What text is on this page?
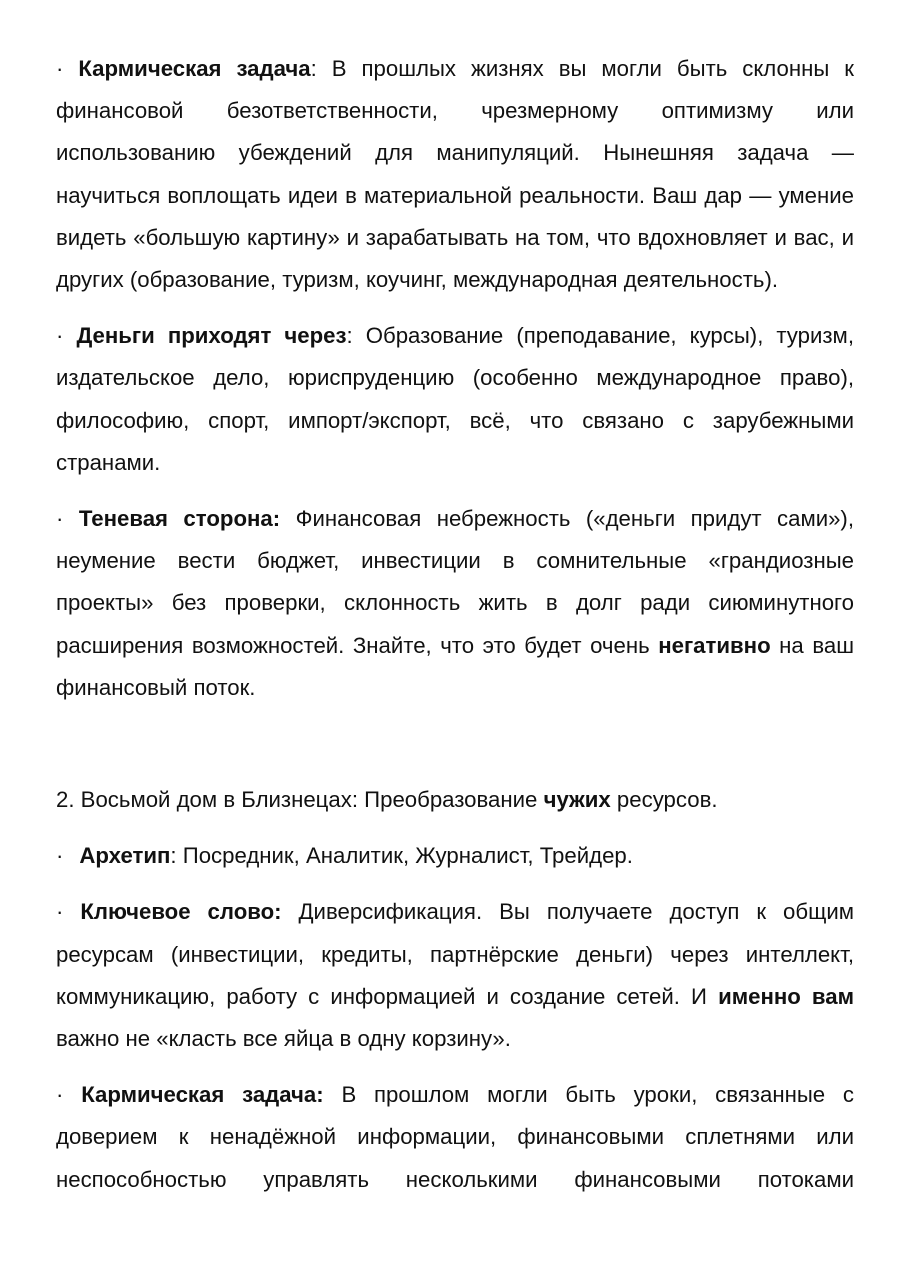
· Кармическая задача: В прошлых жизнях вы могли быть склонны к финансовой безответственности, чрезмерному оптимизму или использованию убеждений для манипуляций. Нынешняя задача — научиться воплощать идеи в материальной реальности. Ваш дар — умение видеть «большую картину» и зарабатывать на том, что вдохновляет и вас, и других (образование, туризм, коучинг, международная деятельность).

· Деньги приходят через: Образование (преподавание, курсы), туризм, издательское дело, юриспруденцию (особенно международное право), философию, спорт, импорт/экспорт, всё, что связано с зарубежными странами.

· Теневая сторона: Финансовая небрежность («деньги придут сами»), неумение вести бюджет, инвестиции в сомнительные «грандиозные проекты» без проверки, склонность жить в долг ради сиюминутного расширения возможностей. Знайте, что это будет очень негативно на ваш финансовый поток.

2. Восьмой дом в Близнецах: Преобразование чужих ресурсов.

· Архетип: Посредник, Аналитик, Журналист, Трейдер.

· Ключевое слово: Диверсификация. Вы получаете доступ к общим ресурсам (инвестиции, кредиты, партнёрские деньги) через интеллект, коммуникацию, работу с информацией и создание сетей. И именно вам важно не «класть все яйца в одну корзину».

· Кармическая задача: В прошлом могли быть уроки, связанные с доверием к ненадёжной информации, финансовыми сплетнями или неспособностью управлять несколькими финансовыми потоками
